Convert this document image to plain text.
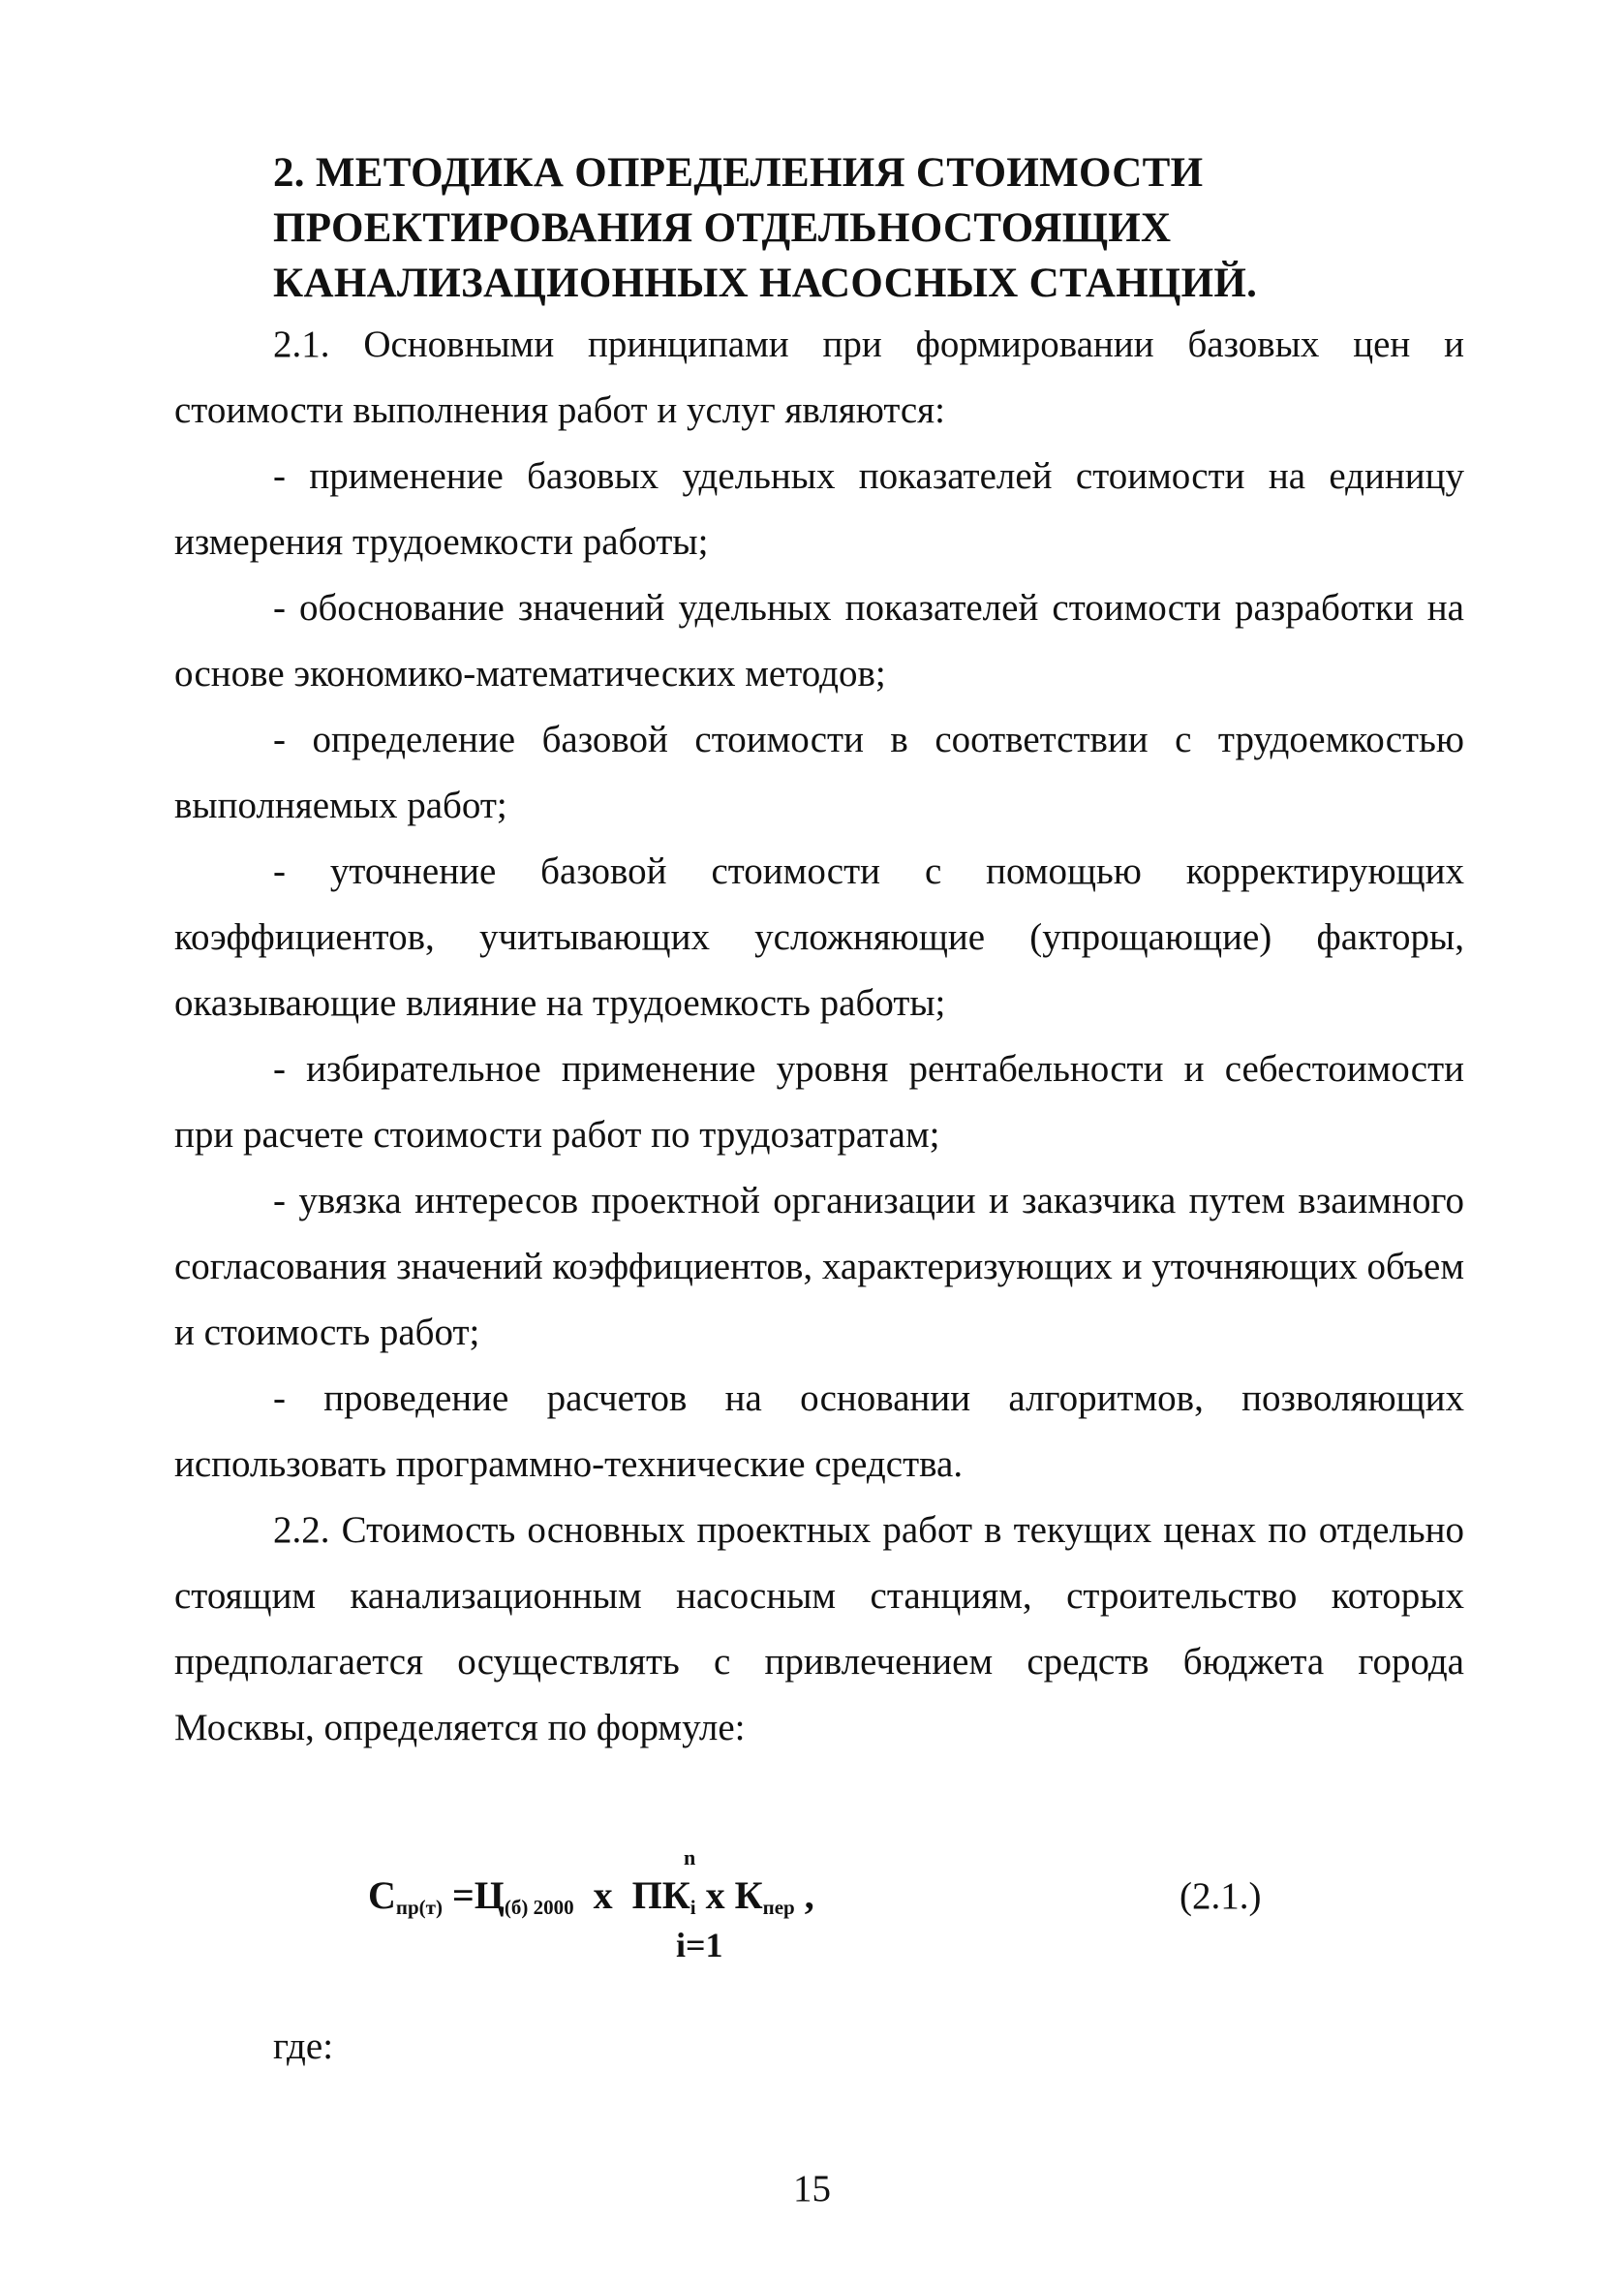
2. МЕТОДИКА ОПРЕДЕЛЕНИЯ СТОИМОСТИ
ПРОЕКТИРОВАНИЯ ОТДЕЛЬНОСТОЯЩИХ
КАНАЛИЗАЦИОННЫХ НАСОСНЫХ СТАНЦИЙ.

2.1. Основными принципами при формировании базовых цен и стоимости выполнения работ и услуг являются:

- применение базовых удельных показателей стоимости на единицу измерения трудоемкости работы;

- обоснование значений удельных показателей стоимости разработки на основе экономико-математических методов;

- определение базовой стоимости в соответствии с трудоемкостью выполняемых работ;

- уточнение базовой стоимости с помощью корректирующих коэффициентов, учитывающих усложняющие (упрощающие) факторы, оказывающие влияние на трудоемкость работы;

- избирательное применение уровня рентабельности и себестоимости при расчете стоимости работ по трудозатратам;

- увязка интересов проектной организации и заказчика путем взаимного согласования значений коэффициентов, характеризующих и уточняющих объем и стоимость работ;

- проведение расчетов на основании алгоритмов, позволяющих использовать программно-технические средства.

2.2. Стоимость основных проектных работ в текущих ценах по отдельно стоящим канализационным насосным станциям, строительство которых предполагается осуществлять с привлечением средств бюджета города Москвы, определяется по формуле:

n
$С_{пр(т)} =Ц_{(б) 2000}$  х  $ПК_i$ х $К_{пер}$ ,
i=1
(2.1.)
где:
15
